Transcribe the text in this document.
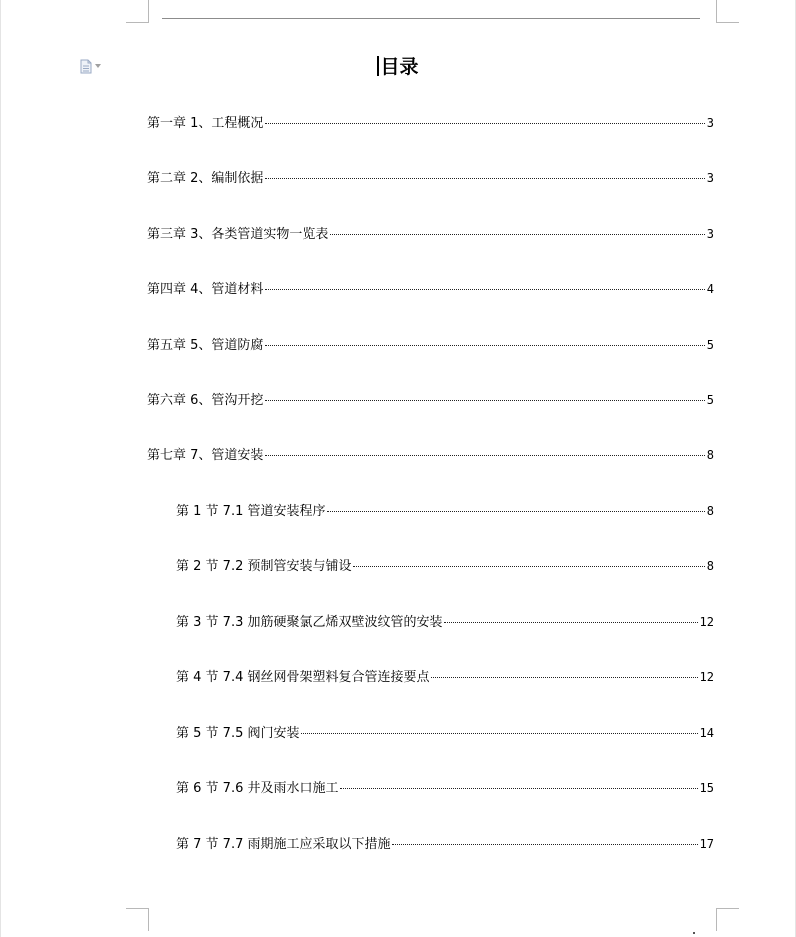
目录
第一章 1、工程概况	3
第二章 2、编制依据	3
第三章 3、各类管道实物一览表	3
第四章 4、管道材料	4
第五章 5、管道防腐	5
第六章 6、管沟开挖	5
第七章 7、管道安装	8
第 1 节 7.1 管道安装程序	8
第 2 节 7.2 预制管安装与铺设	8
第 3 节 7.3 加筋硬聚氯乙烯双壁波纹管的安装	12
第 4 节 7.4 钢丝网骨架塑料复合管连接要点	12
第 5 节 7.5 阀门安装	14
第 6 节 7.6 井及雨水口施工	15
第 7 节 7.7 雨期施工应采取以下措施	17
